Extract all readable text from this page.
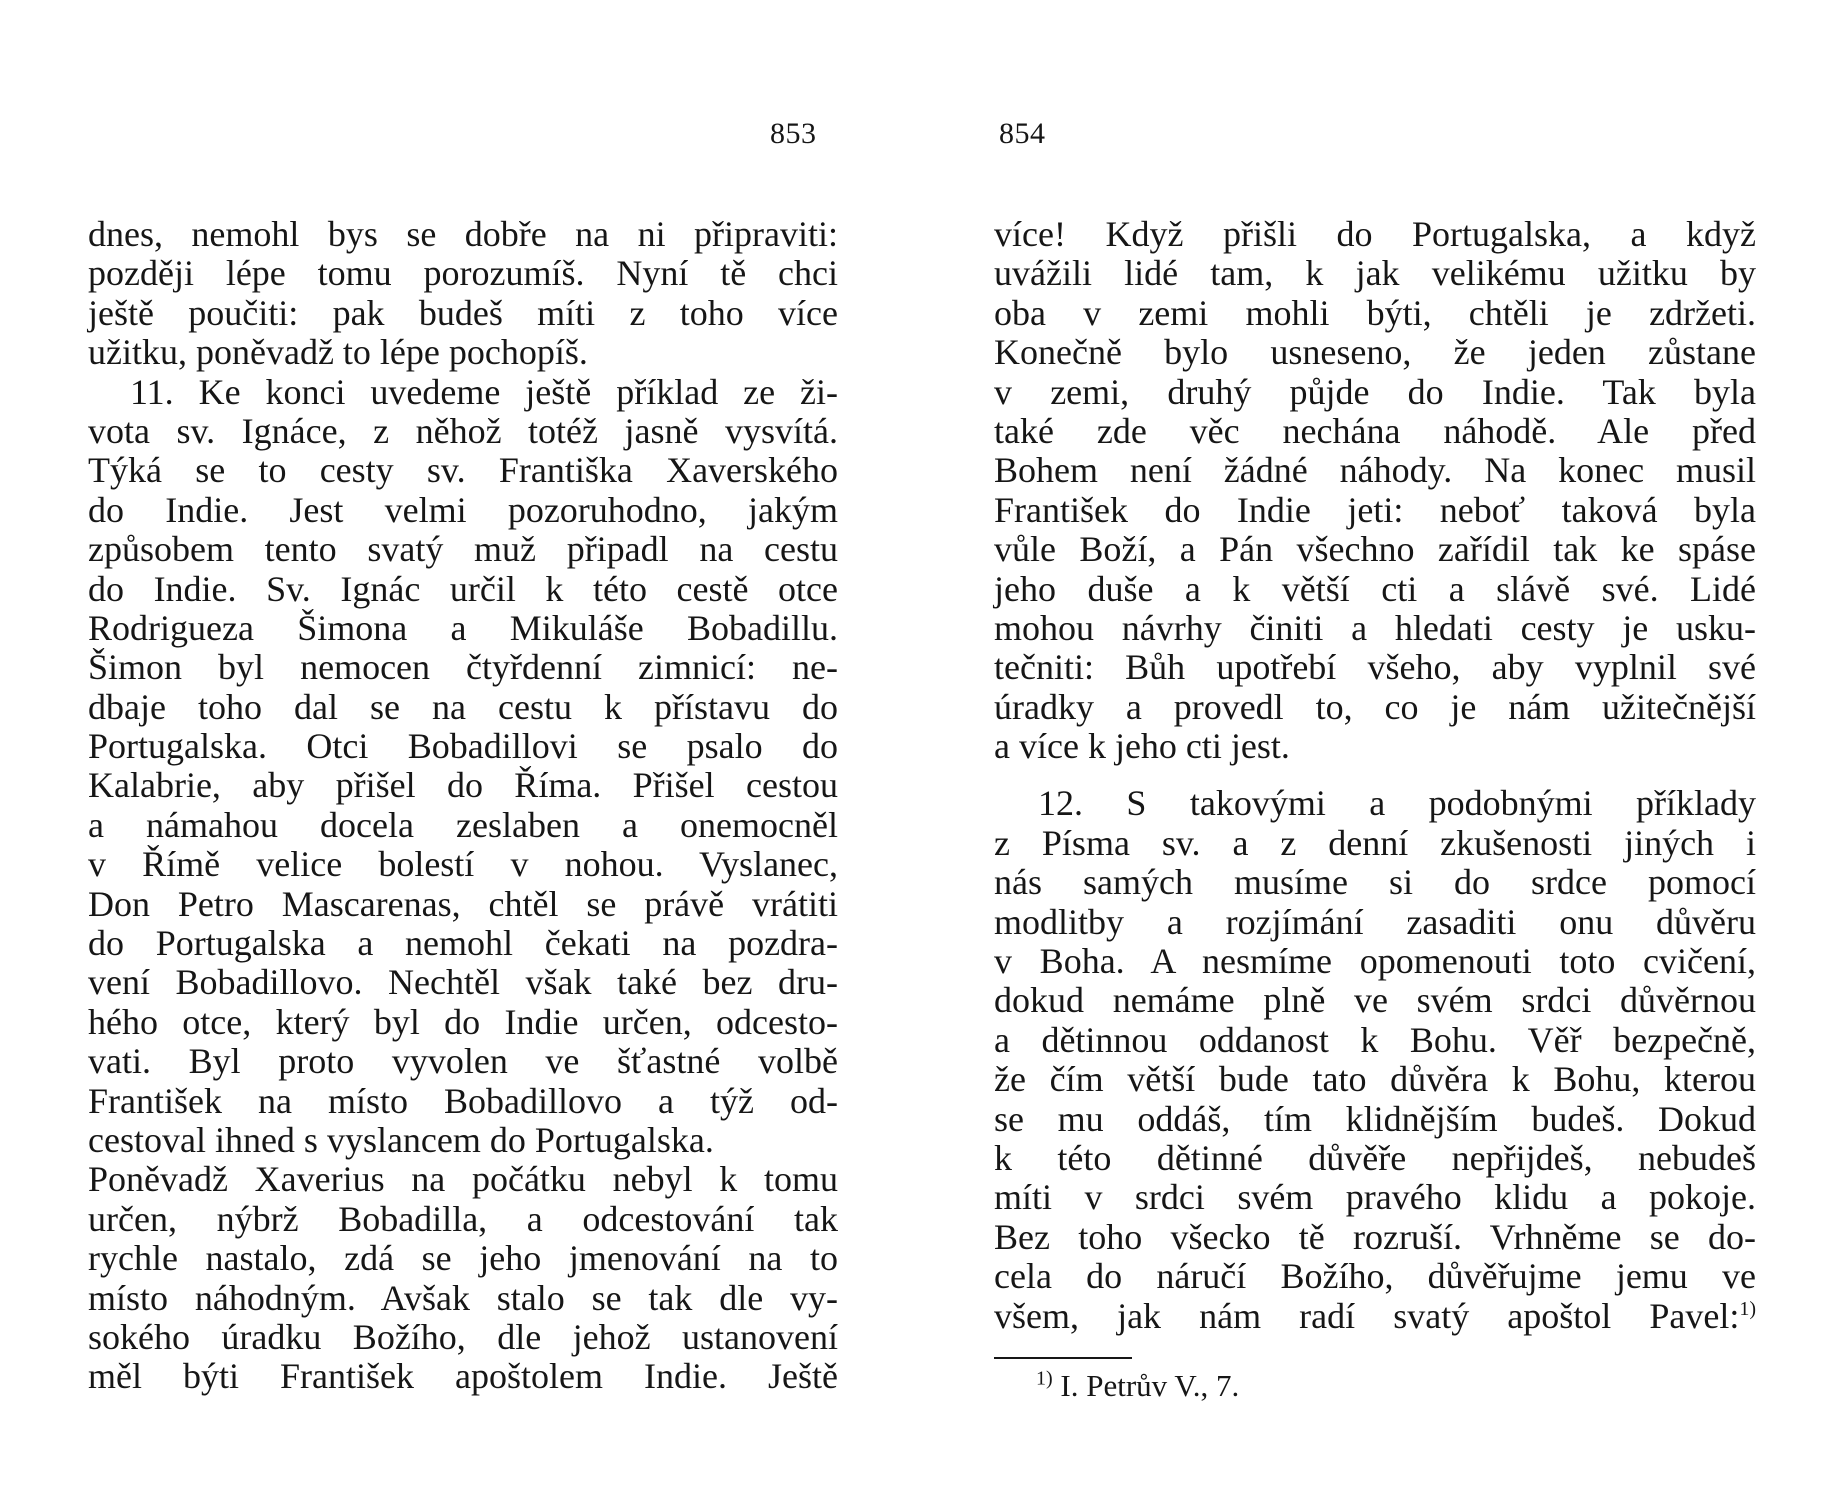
853	854
dnes, nemohl bys se dobře na ni připraviti:
později lépe tomu porozumíš. Nyní tě chci
ještě poučiti: pak budeš míti z toho více
užitku, poněvadž to lépe pochopíš.
11. Ke konci uvedeme ještě příklad ze ži-
vota sv. Ignáce, z něhož totéž jasně vysvítá.
Týká se to cesty sv. Františka Xaverského
do Indie. Jest velmi pozoruhodno, jakým
způsobem tento svatý muž připadl na cestu
do Indie. Sv. Ignác určil k této cestě otce
Rodrigueza Šimona a Mikuláše Bobadillu.
Šimon byl nemocen čtyřdenní zimnicí: ne-
dbaje toho dal se na cestu k přístavu do
Portugalska. Otci Bobadillovi se psalo do
Kalabrie, aby přišel do Říma. Přišel cestou
a námahou docela zeslaben a onemocněl
v Římě velice bolestí v nohou. Vyslanec,
Don Petro Mascarenas, chtěl se právě vrátiti
do Portugalska a nemohl čekati na pozdra-
vení Bobadillovo. Nechtěl však také bez dru-
hého otce, který byl do Indie určen, odcesto-
vati. Byl proto vyvolen ve šťastné volbě
František na místo Bobadillovo a týž od-
cestoval ihned s vyslancem do Portugalska.
Poněvadž Xaverius na počátku nebyl k tomu
určen, nýbrž Bobadilla, a odcestování tak
rychle nastalo, zdá se jeho jmenování na to
místo náhodným. Avšak stalo se tak dle vy-
sokého úradku Božího, dle jehož ustanovení
měl býti František apoštolem Indie. Ještě
více! Když přišli do Portugalska, a když
uvážili lidé tam, k jak velikému užitku by
oba v zemi mohli býti, chtěli je zdržeti.
Konečně bylo usneseno, že jeden zůstane
v zemi, druhý půjde do Indie. Tak byla
také zde věc nechána náhodě. Ale před
Bohem není žádné náhody. Na konec musil
František do Indie jeti: neboť taková byla
vůle Boží, a Pán všechno zařídil tak ke spáse
jeho duše a k větší cti a slávě své. Lidé
mohou návrhy činiti a hledati cesty je usku-
tečniti: Bůh upotřebí všeho, aby vyplnil své
úradky a provedl to, co je nám užitečnější
a více k jeho cti jest.
12. S takovými a podobnými příklady
z Písma sv. a z denní zkušenosti jiných i
nás samých musíme si do srdce pomocí
modlitby a rozjímání zasaditi onu důvěru
v Boha. A nesmíme opomenouti toto cvičení,
dokud nemáme plně ve svém srdci důvěrnou
a dětinnou oddanost k Bohu. Věř bezpečně,
že čím větší bude tato důvěra k Bohu, kterou
se mu oddáš, tím klidnějším budeš. Dokud
k této dětinné důvěře nepřijdeš, nebudeš
míti v srdci svém pravého klidu a pokoje.
Bez toho všecko tě rozruší. Vrhněme se do-
cela do náručí Božího, důvěřujme jemu ve
všem, jak nám radí svatý apoštol Pavel:$^{1)}$
$^{1)}$ I. Petrův V., 7.
